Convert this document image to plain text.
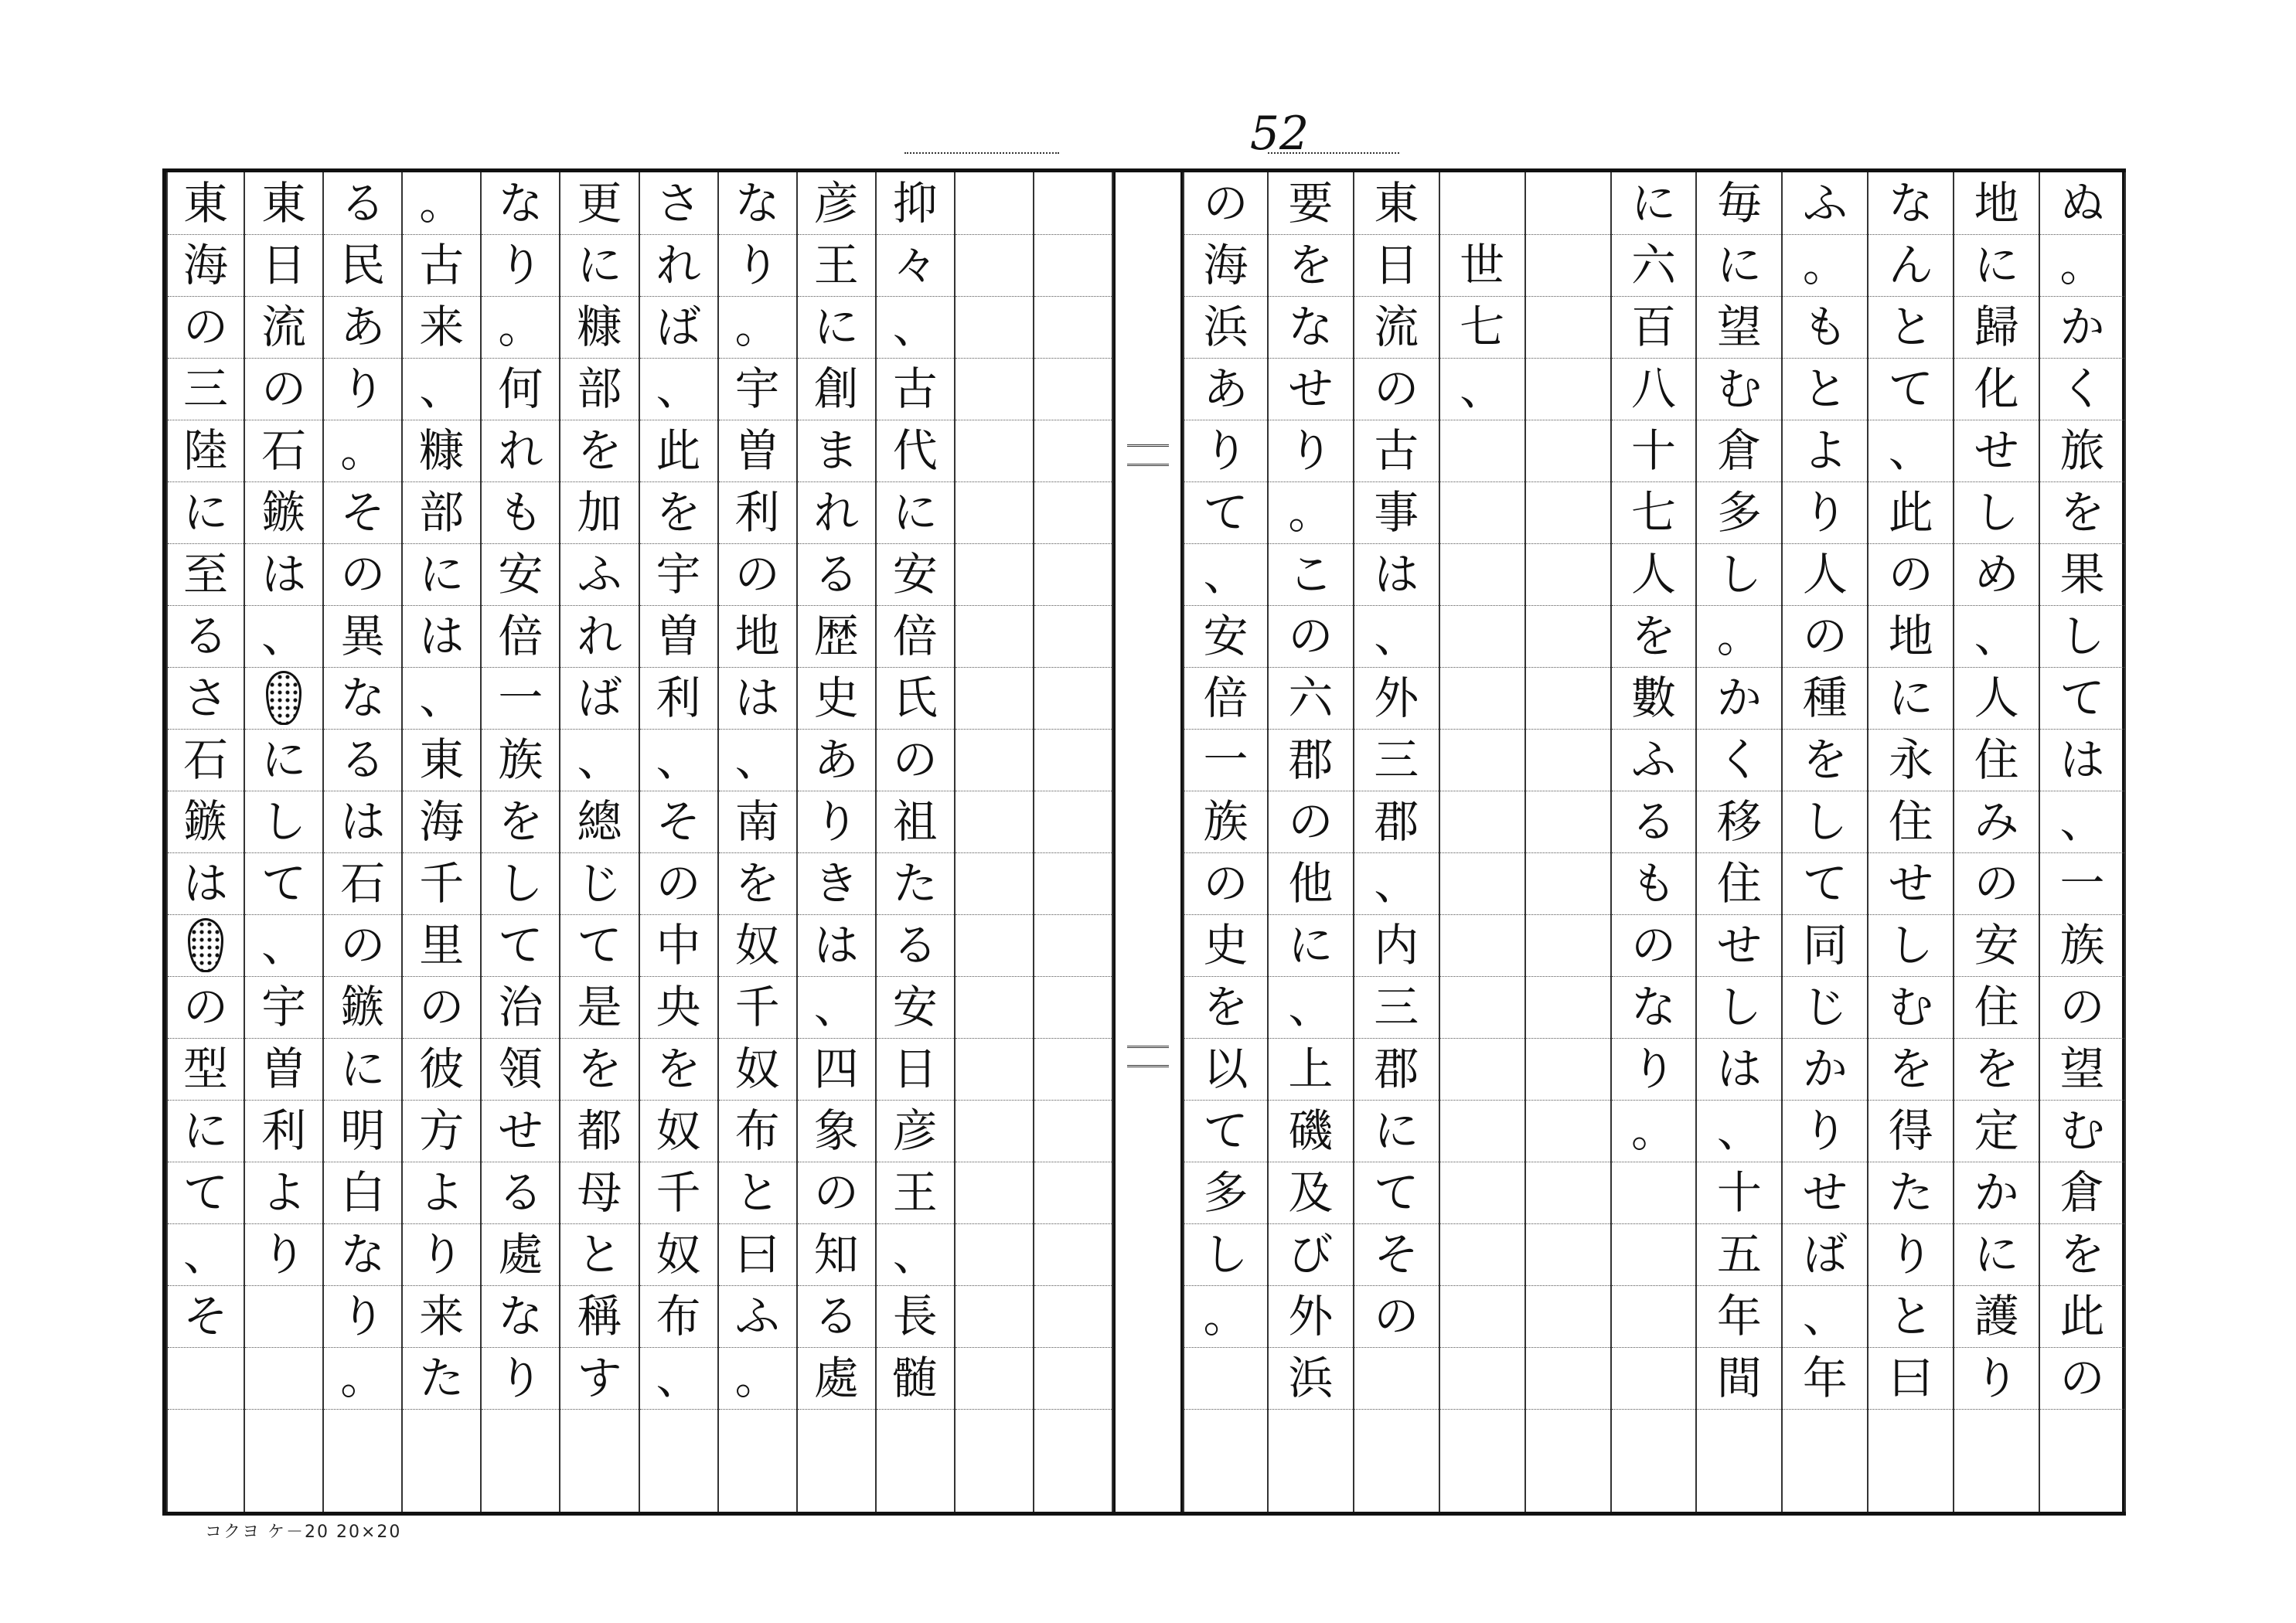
52
抑
々
、
古
代
に
安
倍
氏
の
祖
た
る
安
日
彦
王
、
長
髄
彦
王
に
創
ま
れ
る
歴
史
あ
り
き
は
、
四
象
の
知
る
處
な
り
。
宇
曽
利
の
地
は
、
南
を
奴
千
奴
布
と
曰
ふ
。
さ
れ
ば
、
此
を
宇
曽
利
、
そ
の
中
央
を
奴
千
奴
布
、
更
に
糠
部
を
加
ふ
れ
ば
、
總
じ
て
是
を
都
母
と
稱
す
な
り
。
何
れ
も
安
倍
一
族
を
し
て
治
領
せ
る
處
な
り
。
古
来
、
糠
部
に
は
、
東
海
千
里
の
彼
方
よ
り
来
た
る
民
あ
り
。
そ
の
異
な
る
は
石
の
鏃
に
明
白
な
り
。
東
日
流
の
石
鏃
は
、
に
し
て
、
宇
曽
利
よ
り
東
海
の
三
陸
に
至
る
さ
石
鏃
は
の
型
に
て
、
そ
ぬ
。
か
く
旅
を
果
し
て
は
、
一
族
の
望
む
倉
を
此
の
地
に
歸
化
せ
し
め
、
人
住
み
の
安
住
を
定
か
に
護
り
な
ん
と
て
、
此
の
地
に
永
住
せ
し
む
を
得
た
り
と
曰
ふ
。
も
と
よ
り
人
の
種
を
し
て
同
じ
か
り
せ
ば
、
年
毎
に
望
む
倉
多
し
。
か
く
移
住
せ
し
は
、
十
五
年
間
に
六
百
八
十
七
人
を
數
ふ
る
も
の
な
り
。

世
七
、
東
日
流
の
古
事
は
、
外
三
郡
、
内
三
郡
に
て
そ
の
要
を
な
せ
り
。
こ
の
六
郡
の
他
に
、
上
磯
及
び
外
浜
の
海
浜
あ
り
て
、
安
倍
一
族
の
史
を
以
て
多
し
。
コクヨ ケ－20 20×20
